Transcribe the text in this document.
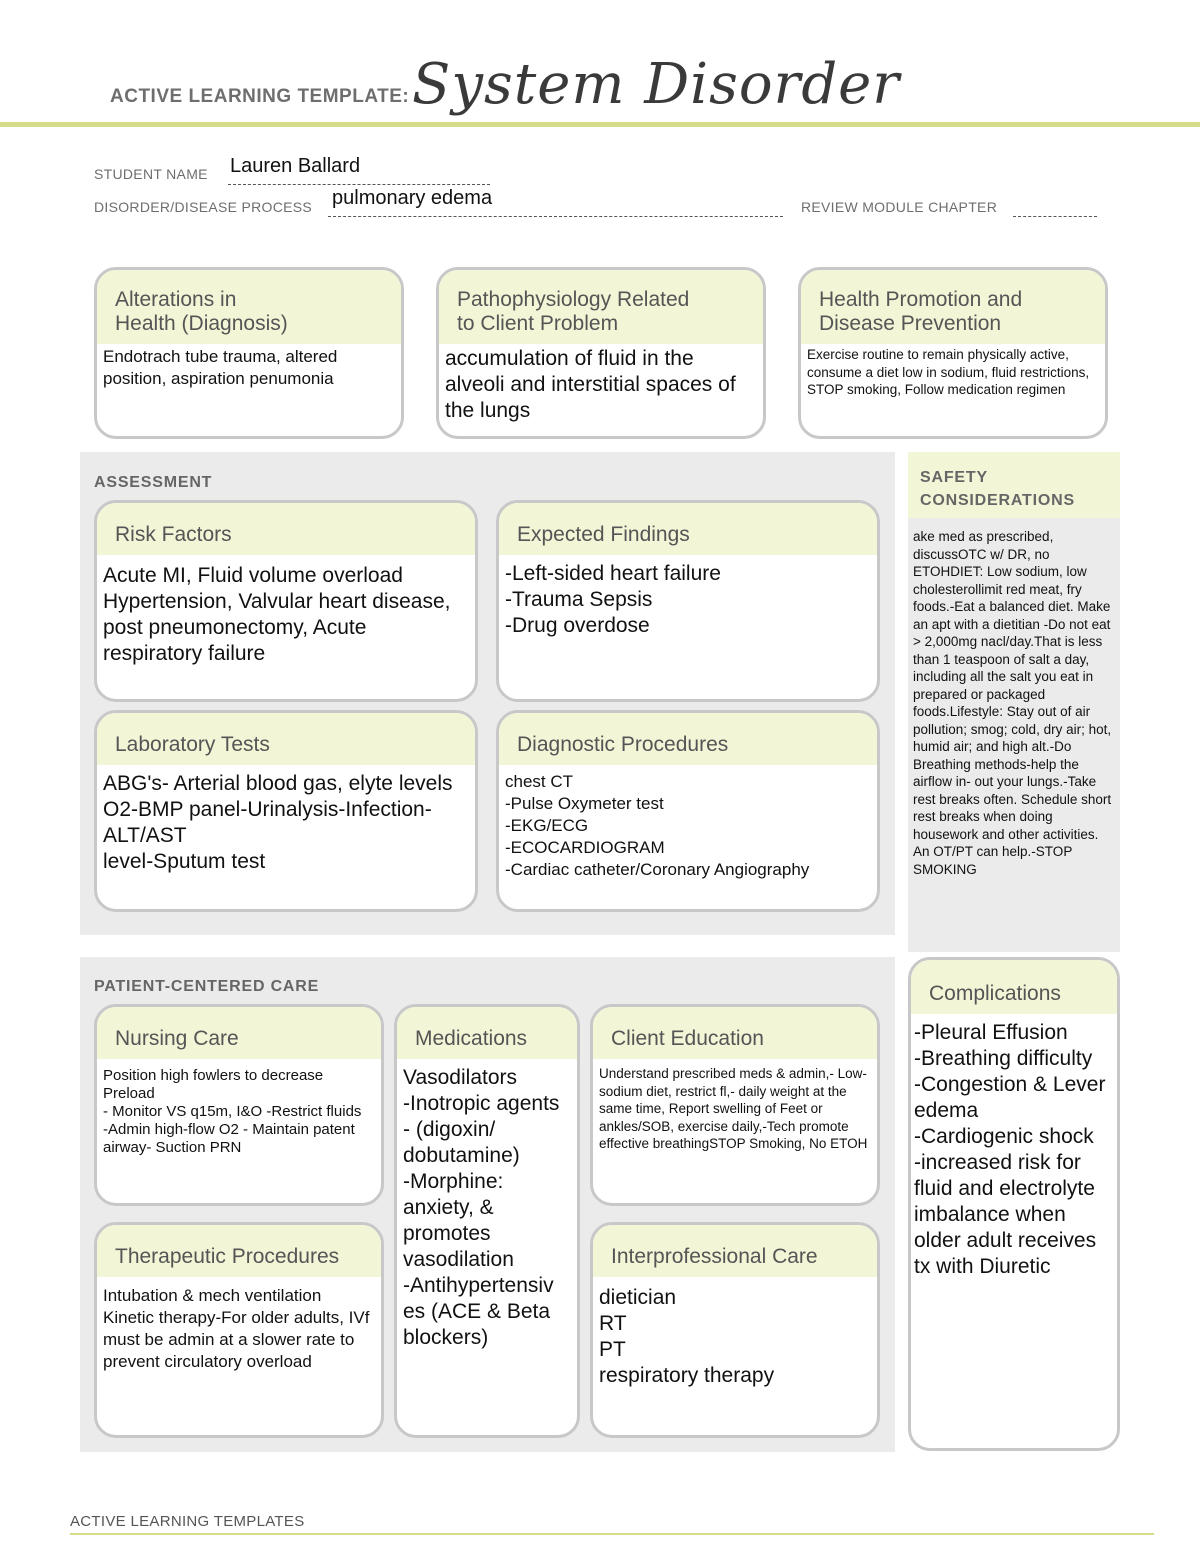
ACTIVE LEARNING TEMPLATE: System Disorder
STUDENT NAME Lauren Ballard
DISORDER/DISEASE PROCESS pulmonary edema	REVIEW MODULE CHAPTER
Alterations in
Health (Diagnosis)
Endotrach tube trauma, altered position, aspiration penumonia
Pathophysiology Related
to Client Problem
accumulation of fluid in the alveoli and interstitial spaces of the lungs
Health Promotion and
Disease Prevention
Exercise routine to remain physically active, consume a diet low in sodium, fluid restrictions, STOP smoking, Follow medication regimen
ASSESSMENT
Risk Factors
Acute MI, Fluid volume overload Hypertension, Valvular heart disease, post pneumonectomy, Acute respiratory failure
Expected Findings
-Left-sided heart failure
-Trauma Sepsis
-Drug overdose
Laboratory Tests
ABG's- Arterial blood gas, elyte levels O2-BMP panel-Urinalysis-Infection-ALT/AST
level-Sputum test
Diagnostic Procedures
chest CT
-Pulse Oxymeter test
-EKG/ECG
-ECOCARDIOGRAM
-Cardiac catheter/Coronary Angiography
SAFETY
CONSIDERATIONS
ake med as prescribed, discussOTC w/ DR, no ETOHDIET: Low sodium, low cholesterollimit red meat, fry foods.-Eat a balanced diet. Make an apt with a dietitian -Do not eat > 2,000mg nacl/day.That is less than 1 teaspoon of salt a day, including all the salt you eat in prepared or packaged foods.Lifestyle: Stay out of air pollution; smog; cold, dry air; hot, humid air; and high alt.-Do Breathing methods-help the airflow in- out your lungs.-Take rest breaks often. Schedule short rest breaks when doing housework and other activities. An OT/PT can help.-STOP SMOKING
PATIENT-CENTERED CARE
Nursing Care
Position high fowlers to decrease Preload
- Monitor VS q15m, I&O -Restrict fluids
-Admin high-flow O2 - Maintain patent airway- Suction PRN
Medications
Vasodilators
-Inotropic agents - (digoxin/ dobutamine)
-Morphine: anxiety, & promotes vasodilation
-Antihypertensiv es (ACE & Beta blockers)
Client Education
Understand prescribed meds & admin,- Low- sodium diet, restrict fl,- daily weight at the same time, Report swelling of Feet or ankles/SOB, exercise daily,-Tech promote effective breathingSTOP Smoking, No ETOH
Therapeutic Procedures
Intubation & mech ventilation Kinetic therapy-For older adults, IVf must be admin at a slower rate to prevent circulatory overload
Interprofessional Care
dietician
RT
PT
respiratory therapy
Complications
-Pleural Effusion
-Breathing difficulty
-Congestion & Lever edema
-Cardiogenic shock
-increased risk for fluid and electrolyte imbalance when older adult receives tx with Diuretic
ACTIVE LEARNING TEMPLATES
